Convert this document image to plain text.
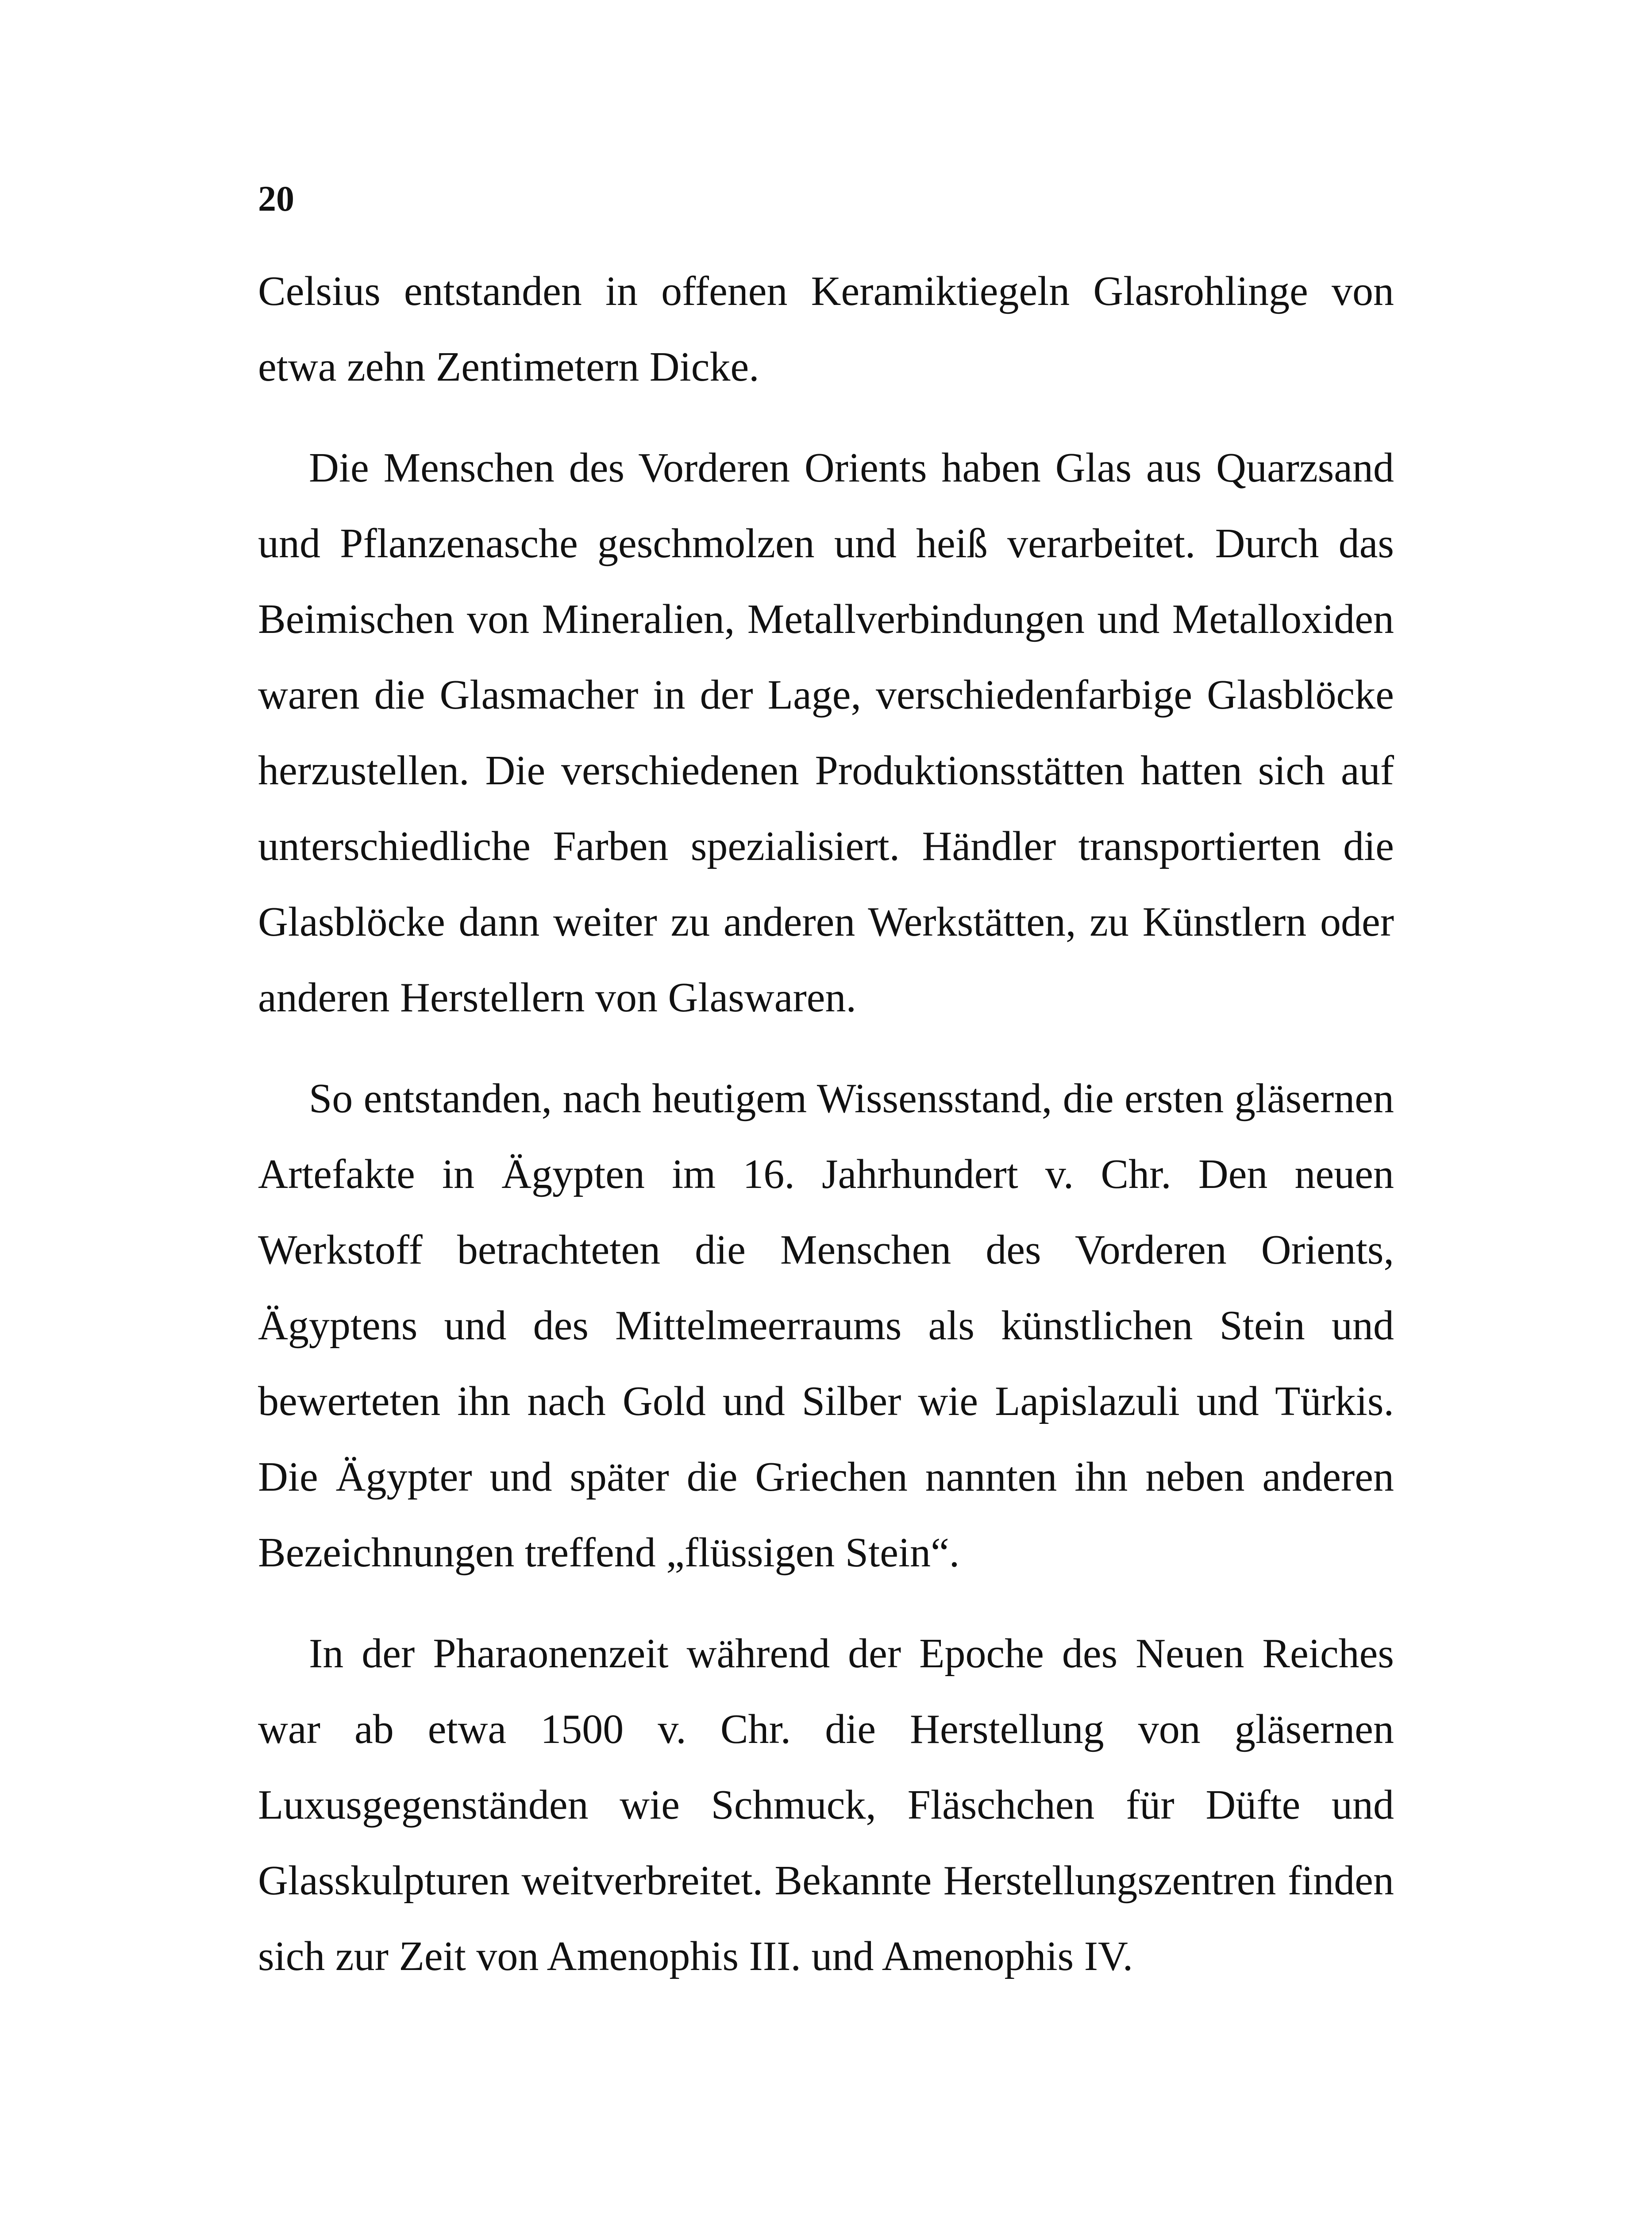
20

Celsius entstanden in offenen Keramiktiegeln Glasrohlinge von etwa zehn Zentimetern Dicke.

Die Menschen des Vorderen Orients haben Glas aus Quarzsand und Pflanzenasche geschmolzen und heiß verarbeitet. Durch das Beimischen von Mineralien, Metallverbindungen und Metalloxiden waren die Glasmacher in der Lage, verschiedenfarbige Glasblöcke herzustellen. Die verschiedenen Produktionsstätten hatten sich auf unterschiedliche Farben spezialisiert. Händler transportierten die Glasblöcke dann weiter zu anderen Werkstätten, zu Künstlern oder anderen Herstellern von Glaswaren.

So entstanden, nach heutigem Wissensstand, die ersten gläsernen Artefakte in Ägypten im 16. Jahrhundert v. Chr. Den neuen Werkstoff betrachteten die Menschen des Vorderen Orients, Ägyptens und des Mittelmeerraums als künstlichen Stein und bewerteten ihn nach Gold und Silber wie Lapislazuli und Türkis. Die Ägypter und später die Griechen nannten ihn neben anderen Bezeichnungen treffend „flüssigen Stein“.

In der Pharaonenzeit während der Epoche des Neuen Reiches war ab etwa 1500 v. Chr. die Herstellung von gläsernen Luxusgegenständen wie Schmuck, Fläschchen für Düfte und Glasskulpturen weitverbreitet. Bekannte Herstellungszentren finden sich zur Zeit von Amenophis III. und Amenophis IV.
